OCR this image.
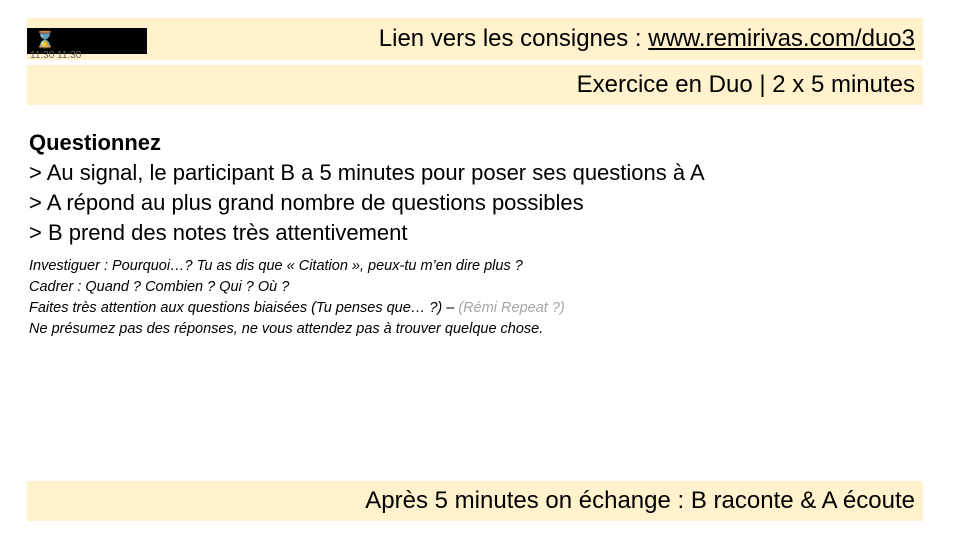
Lien vers les consignes : www.remirivas.com/duo3
⌛
11:30 11:30
Exercice en Duo | 2 x 5 minutes
Questionnez
> Au signal, le participant B a 5 minutes pour poser ses questions à A
> A répond au plus grand nombre de questions possibles
> B prend des notes très attentivement
Investiguer : Pourquoi…? Tu as dis que « Citation », peux-tu m’en dire plus ?
Cadrer : Quand ? Combien ? Qui ? Où ?
Faites très attention aux questions biaisées (Tu penses que… ?) – (Rémi Repeat ?)
Ne présumez pas des réponses, ne vous attendez pas à trouver quelque chose.
Après 5 minutes on échange : B raconte & A écoute
